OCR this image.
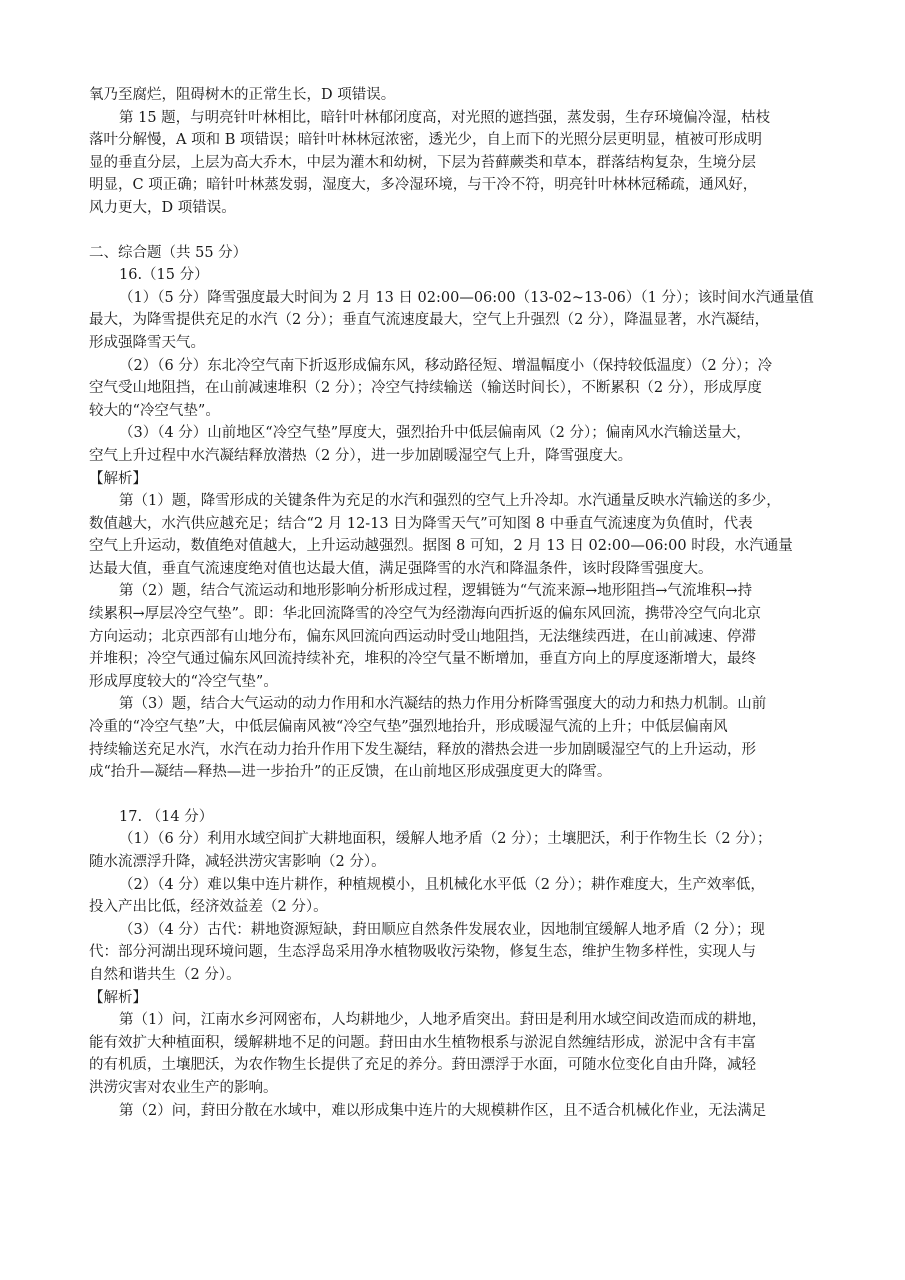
氧乃至腐烂，阻碍树木的正常生长，D 项错误。
第 15 题，与明亮针叶林相比，暗针叶林郁闭度高，对光照的遮挡强，蒸发弱，生存环境偏冷湿，枯枝
落叶分解慢，A 项和 B 项错误；暗针叶林林冠浓密，透光少，自上而下的光照分层更明显，植被可形成明
显的垂直分层，上层为高大乔木，中层为灌木和幼树，下层为苔藓蕨类和草本，群落结构复杂，生境分层
明显，C 项正确；暗针叶林蒸发弱，湿度大，多冷湿环境，与干冷不符，明亮针叶林林冠稀疏，通风好，
风力更大，D 项错误。
二、综合题（共 55 分）
16.（15 分）
（1）（5 分）降雪强度最大时间为 2 月 13 日 02:00—06:00（13-02~13-06）（1 分）；该时间水汽通量值
最大，为降雪提供充足的水汽（2 分）；垂直气流速度最大，空气上升强烈（2 分），降温显著，水汽凝结，
形成强降雪天气。
（2）（6 分）东北冷空气南下折返形成偏东风，移动路径短、增温幅度小（保持较低温度）（2 分）；冷
空气受山地阻挡，在山前减速堆积（2 分）；冷空气持续输送（输送时间长），不断累积（2 分），形成厚度
较大的“冷空气垫”。
（3）（4 分）山前地区“冷空气垫”厚度大，强烈抬升中低层偏南风（2 分）；偏南风水汽输送量大，
空气上升过程中水汽凝结释放潜热（2 分），进一步加剧暖湿空气上升，降雪强度大。
【解析】
第（1）题，降雪形成的关键条件为充足的水汽和强烈的空气上升冷却。水汽通量反映水汽输送的多少，
数值越大，水汽供应越充足；结合“2 月 12-13 日为降雪天气”可知图 8 中垂直气流速度为负值时，代表
空气上升运动，数值绝对值越大，上升运动越强烈。据图 8 可知，2 月 13 日 02:00—06:00 时段，水汽通量
达最大值，垂直气流速度绝对值也达最大值，满足强降雪的水汽和降温条件，该时段降雪强度大。
第（2）题，结合气流运动和地形影响分析形成过程，逻辑链为“气流来源→地形阻挡→气流堆积→持
续累积→厚层冷空气垫”。即：华北回流降雪的冷空气为经渤海向西折返的偏东风回流，携带冷空气向北京
方向运动；北京西部有山地分布，偏东风回流向西运动时受山地阻挡，无法继续西进，在山前减速、停滞
并堆积；冷空气通过偏东风回流持续补充，堆积的冷空气量不断增加，垂直方向上的厚度逐渐增大，最终
形成厚度较大的“冷空气垫”。
第（3）题，结合大气运动的动力作用和水汽凝结的热力作用分析降雪强度大的动力和热力机制。山前
冷重的“冷空气垫”大，中低层偏南风被“冷空气垫”强烈地抬升，形成暖湿气流的上升；中低层偏南风
持续输送充足水汽，水汽在动力抬升作用下发生凝结，释放的潜热会进一步加剧暖湿空气的上升运动，形
成“抬升—凝结—释热—进一步抬升”的正反馈，在山前地区形成强度更大的降雪。
17. （14 分）
（1）（6 分）利用水域空间扩大耕地面积，缓解人地矛盾（2 分）；土壤肥沃，利于作物生长（2 分）；
随水流漂浮升降，减轻洪涝灾害影响（2 分）。
（2）（4 分）难以集中连片耕作，种植规模小，且机械化水平低（2 分）；耕作难度大，生产效率低，
投入产出比低，经济效益差（2 分）。
（3）（4 分）古代：耕地资源短缺，葑田顺应自然条件发展农业，因地制宜缓解人地矛盾（2 分）；现
代：部分河湖出现环境问题，生态浮岛采用净水植物吸收污染物，修复生态，维护生物多样性，实现人与
自然和谐共生（2 分）。
【解析】
第（1）问，江南水乡河网密布，人均耕地少，人地矛盾突出。葑田是利用水域空间改造而成的耕地，
能有效扩大种植面积，缓解耕地不足的问题。葑田由水生植物根系与淤泥自然缠结形成，淤泥中含有丰富
的有机质，土壤肥沃，为农作物生长提供了充足的养分。葑田漂浮于水面，可随水位变化自由升降，减轻
洪涝灾害对农业生产的影响。
第（2）问，葑田分散在水域中，难以形成集中连片的大规模耕作区，且不适合机械化作业，无法满足
